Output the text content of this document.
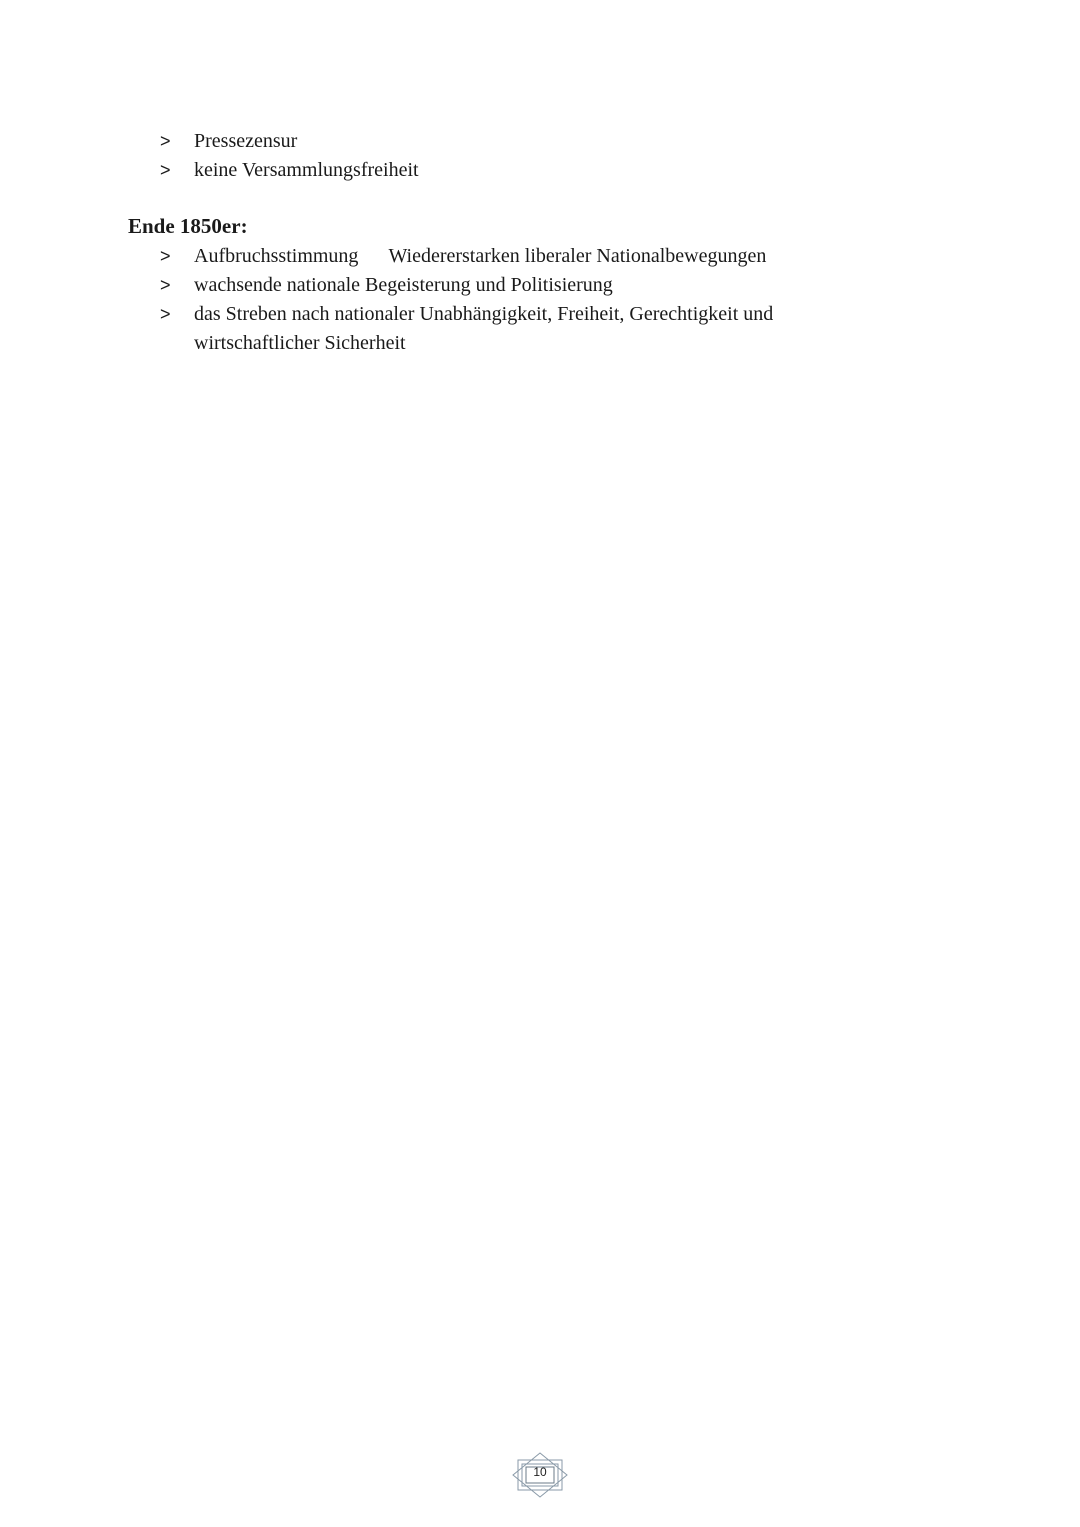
> Pressezensur
> keine Versammlungsfreiheit

Ende 1850er:

> Aufbruchsstimmung Wiedererstarken liberaler Nationalbewegungen
> wachsende nationale Begeisterung und Politisierung
> das Streben nach nationaler Unabhängigkeit, Freiheit, Gerechtigkeit und wirtschaftlicher Sicherheit
10
